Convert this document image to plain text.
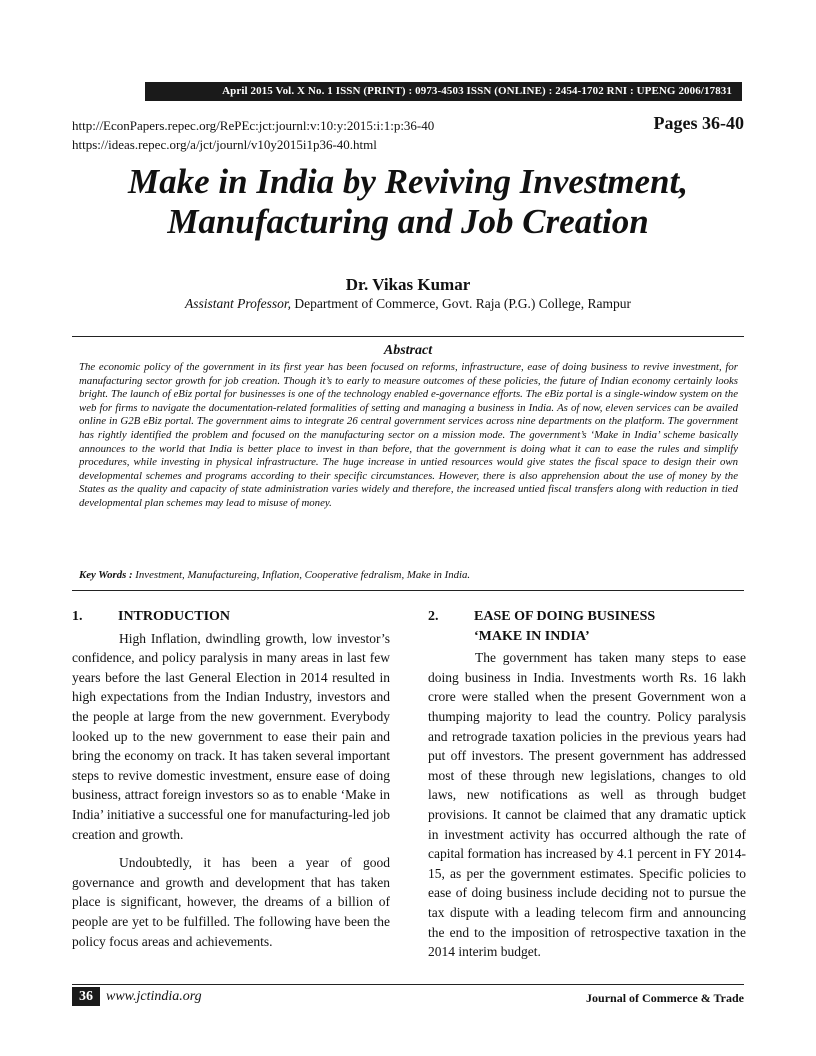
April 2015 Vol. X No. 1 ISSN (PRINT) : 0973-4503 ISSN (ONLINE) : 2454-1702 RNI : UPENG 2006/17831
http://EconPapers.repec.org/RePEc:jct:journl:v:10:y:2015:i:1:p:36-40
https://ideas.repec.org/a/jct/journl/v10y2015i1p36-40.html
Pages 36-40
Make in India by Reviving Investment,
Manufacturing and Job Creation
Dr. Vikas Kumar
Assistant Professor, Department of Commerce, Govt. Raja (P.G.) College, Rampur
Abstract

The economic policy of the government in its first year has been focused on reforms, infrastructure, ease of doing business to revive investment, for manufacturing sector growth for job creation. Though it’s to early to measure outcomes of these policies, the future of Indian economy certainly looks bright. The launch of eBiz portal for businesses is one of the technology enabled e-governance efforts. The eBiz portal is a single-window system on the web for firms to navigate the documentation-related formalities of setting and managing a business in India. As of now, eleven services can be availed online in G2B eBiz portal. The government aims to integrate 26 central government services across nine departments on the platform. The government has rightly identified the problem and focused on the manufacturing sector on a mission mode. The government’s ‘Make in India’ scheme basically announces to the world that India is better place to invest in than before, that the government is doing what it can to ease the rules and simplify procedures, while investing in physical infrastructure. The huge increase in untied resources would give states the fiscal space to design their own developmental schemes and programs according to their specific circumstances. However, there is also apprehension about the use of money by the States as the quality and capacity of state administration varies widely and therefore, the increased untied fiscal transfers along with reduction in tied developmental plan schemes may lead to misuse of money.

Key Words : Investment, Manufactureing, Inflation, Cooperative fedralism, Make in India.
1.	INTRODUCTION

High Inflation, dwindling growth, low investor’s confidence, and policy paralysis in many areas in last few years before the last General Election in 2014 resulted in high expectations from the Indian Industry, investors and the people at large from the new government. Everybody looked up to the new government to ease their pain and bring the economy on track. It has taken several important steps to revive domestic investment, ensure ease of doing business, attract foreign investors so as to enable ‘Make in India’ initiative a successful one for manufacturing-led job creation and growth.

Undoubtedly, it has been a year of good governance and growth and development that has taken place is significant, however, the dreams of a billion of people are yet to be fulfilled. The following have been the policy focus areas and achievements.

2.	EASE OF DOING BUSINESS
‘MAKE IN INDIA’

The government has taken many steps to ease doing business in India. Investments worth Rs. 16 lakh crore were stalled when the present Government won a thumping majority to lead the country. Policy paralysis and retrograde taxation policies in the previous years had put off investors. The present government has addressed most of these through new legislations, changes to old laws, new notifications as well as through budget provisions. It cannot be claimed that any dramatic uptick in investment activity has occurred although the rate of capital formation has increased by 4.1 percent in FY 2014-15, as per the government estimates. Specific policies to ease of doing business include deciding not to pursue the tax dispute with a leading telecom firm and announcing the end to the imposition of retrospective taxation in the 2014 interim budget.

36 www.jctindia.org	Journal of Commerce & Trade
